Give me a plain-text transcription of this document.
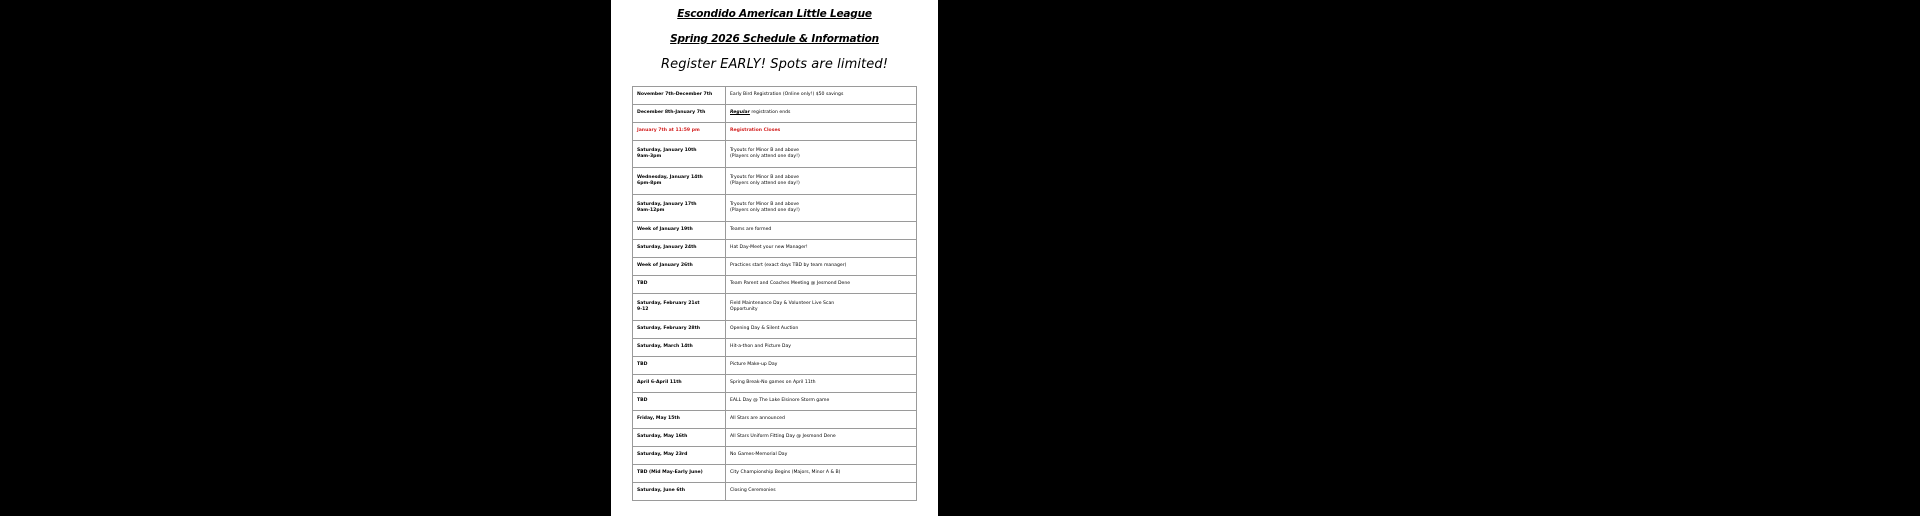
Escondido American Little League
Spring 2026 Schedule & Information
Register EARLY! Spots are limited!
November 7th-December 7th	Early Bird Registration (Online only!) $50 savings
December 8th-January 7th	Regular registration ends
January 7th at 11:59 pm	Registration Closes
Saturday, January 10th
9am-3pm	Tryouts for Minor B and above
(Players only attend one day!)

Wednesday, January 14th
6pm-8pm	Tryouts for Minor B and above
(Players only attend one day!)

Saturday, January 17th
9am-12pm	Tryouts for Minor B and above
(Players only attend one day!)

Week of January 19th	Teams are formed
Saturday, January 24th	Hat Day-Meet your new Manager!
Week of January 26th	Practices start (exact days TBD by team manager)
TBD	Team Parent and Coaches Meeting @ Jesmond Dene
Saturday, February 21st
9-12	Field Maintenance Day & Volunteer Live Scan
Opportunity

Saturday, February 28th	Opening Day & Silent Auction
Saturday, March 14th	Hit-a-thon and Picture Day
TBD	Picture Make-up Day
April 6-April 11th	Spring Break-No games on April 11th
TBD	EALL Day @ The Lake Elsinore Storm game
Friday, May 15th	All Stars are announced
Saturday, May 16th	All Stars Uniform Fitting Day @ Jesmond Dene
Saturday, May 23rd	No Games-Memorial Day
TBD (Mid May-Early June)	City Championship Begins (Majors, Minor A & B)
Saturday, June 6th	Closing Ceremonies
